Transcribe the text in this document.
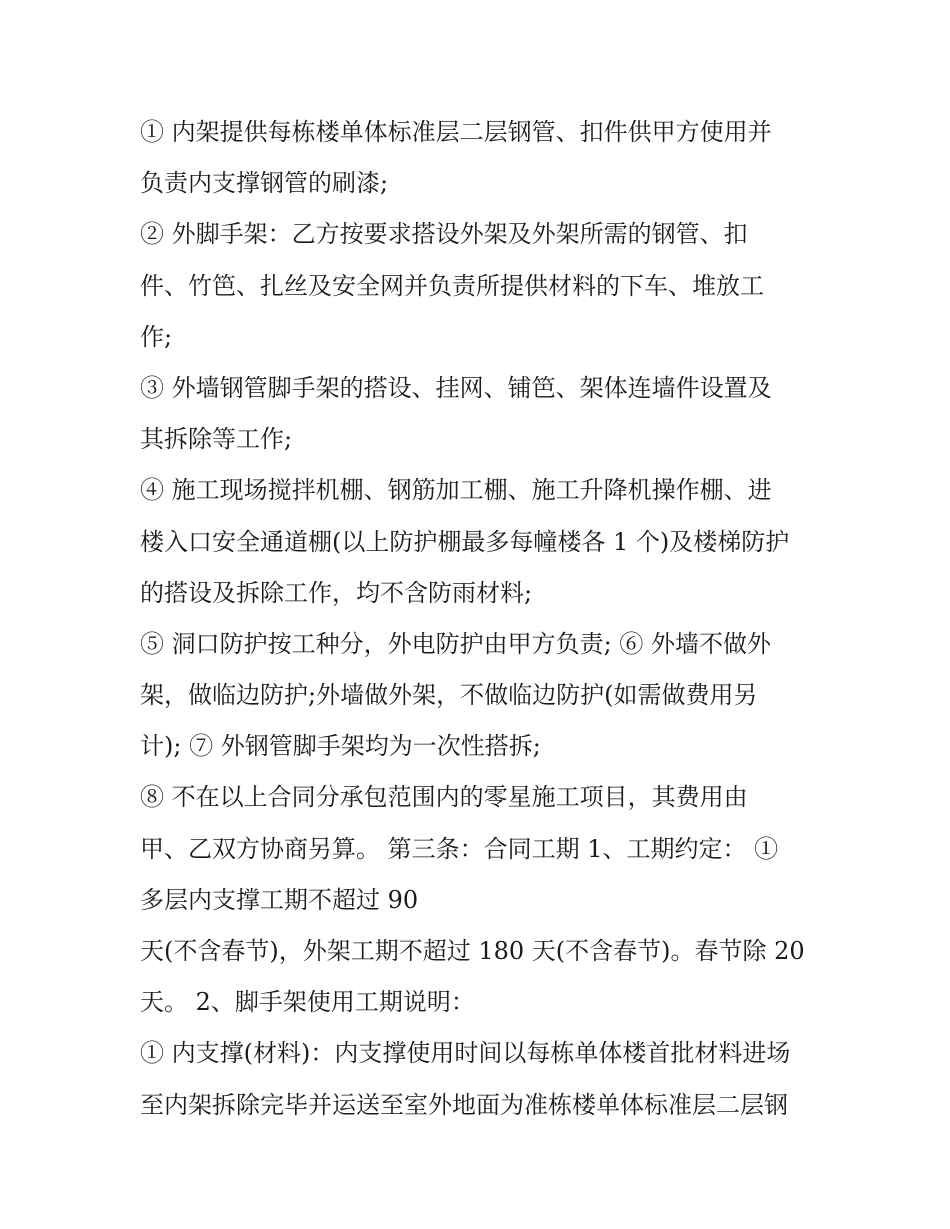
① 内架提供每栋楼单体标准层二层钢管、扣件供甲方使用并
负责内支撑钢管的刷漆;
② 外脚手架：乙方按要求搭设外架及外架所需的钢管、扣
件、竹笆、扎丝及安全网并负责所提供材料的下车、堆放工
作;
③ 外墙钢管脚手架的搭设、挂网、铺笆、架体连墙件设置及
其拆除等工作;
④ 施工现场搅拌机棚、钢筋加工棚、施工升降机操作棚、进
楼入口安全通道棚(以上防护棚最多每幢楼各 1 个)及楼梯防护
的搭设及拆除工作，均不含防雨材料;
⑤ 洞口防护按工种分，外电防护由甲方负责; ⑥ 外墙不做外
架，做临边防护;外墙做外架，不做临边防护(如需做费用另
计); ⑦ 外钢管脚手架均为一次性搭拆;
⑧ 不在以上合同分承包范围内的零星施工项目，其费用由
甲、乙双方协商另算。 第三条：合同工期 1、工期约定： ①
多层内支撑工期不超过 90
天(不含春节)，外架工期不超过 180 天(不含春节)。春节除 20
天。 2、脚手架使用工期说明：
① 内支撑(材料)：内支撑使用时间以每栋单体楼首批材料进场
至内架拆除完毕并运送至室外地面为准栋楼单体标准层二层钢
